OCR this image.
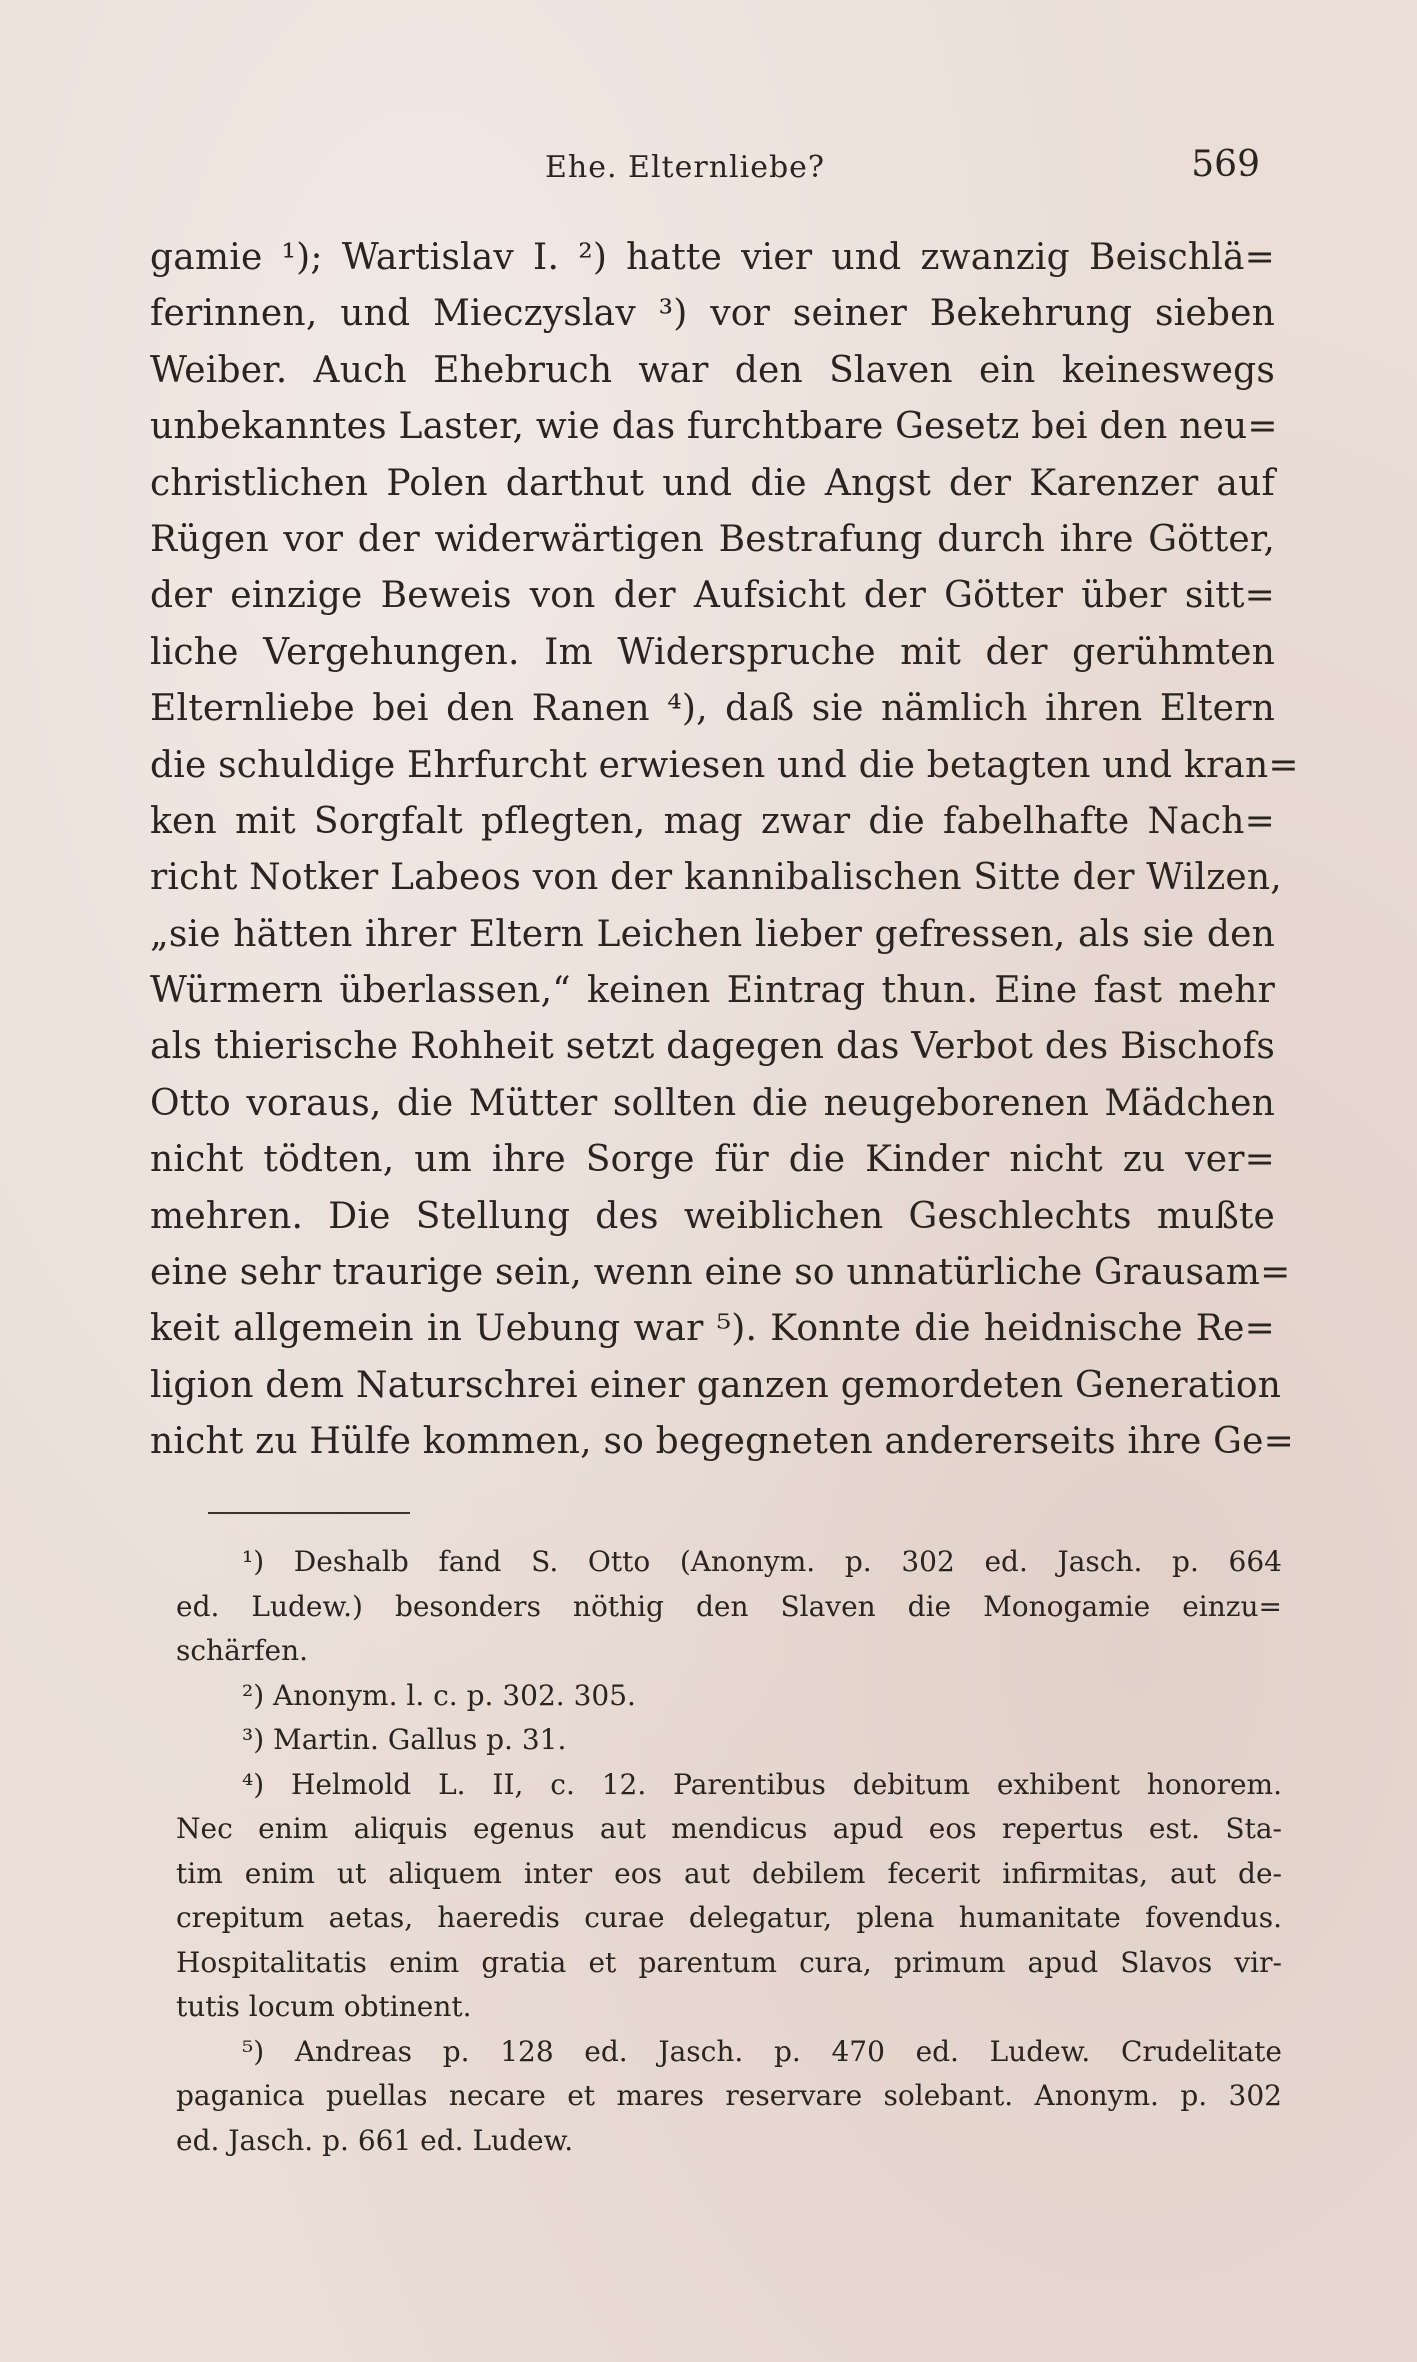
Ehe. Elternliebe?	569
gamie ¹); Wartislav I. ²) hatte vier und zwanzig Beischlä=
ferinnen, und Mieczyslav ³) vor seiner Bekehrung sieben
Weiber. Auch Ehebruch war den Slaven ein keineswegs
unbekanntes Laster, wie das furchtbare Gesetz bei den neu=
christlichen Polen darthut und die Angst der Karenzer auf
Rügen vor der widerwärtigen Bestrafung durch ihre Götter,
der einzige Beweis von der Aufsicht der Götter über sitt=
liche Vergehungen. Im Widerspruche mit der gerühmten
Elternliebe bei den Ranen ⁴), daß sie nämlich ihren Eltern
die schuldige Ehrfurcht erwiesen und die betagten und kran=
ken mit Sorgfalt pflegten, mag zwar die fabelhafte Nach=
richt Notker Labeos von der kannibalischen Sitte der Wilzen,
„sie hätten ihrer Eltern Leichen lieber gefressen, als sie den
Würmern überlassen,“ keinen Eintrag thun. Eine fast mehr
als thierische Rohheit setzt dagegen das Verbot des Bischofs
Otto voraus, die Mütter sollten die neugeborenen Mädchen
nicht tödten, um ihre Sorge für die Kinder nicht zu ver=
mehren. Die Stellung des weiblichen Geschlechts mußte
eine sehr traurige sein, wenn eine so unnatürliche Grausam=
keit allgemein in Uebung war ⁵). Konnte die heidnische Re=
ligion dem Naturschrei einer ganzen gemordeten Generation
nicht zu Hülfe kommen, so begegneten andererseits ihre Ge=
¹) Deshalb fand S. Otto (Anonym. p. 302 ed. Jasch. p. 664
ed. Ludew.) besonders nöthig den Slaven die Monogamie einzu=
schärfen.
²) Anonym. l. c. p. 302. 305.
³) Martin. Gallus p. 31.
⁴) Helmold L. II, c. 12. Parentibus debitum exhibent honorem.
Nec enim aliquis egenus aut mendicus apud eos repertus est. Sta-
tim enim ut aliquem inter eos aut debilem fecerit infirmitas, aut de-
crepitum aetas, haeredis curae delegatur, plena humanitate fovendus.
Hospitalitatis enim gratia et parentum cura, primum apud Slavos vir-
tutis locum obtinent.
⁵) Andreas p. 128 ed. Jasch. p. 470 ed. Ludew. Crudelitate
paganica puellas necare et mares reservare solebant. Anonym. p. 302
ed. Jasch. p. 661 ed. Ludew.
